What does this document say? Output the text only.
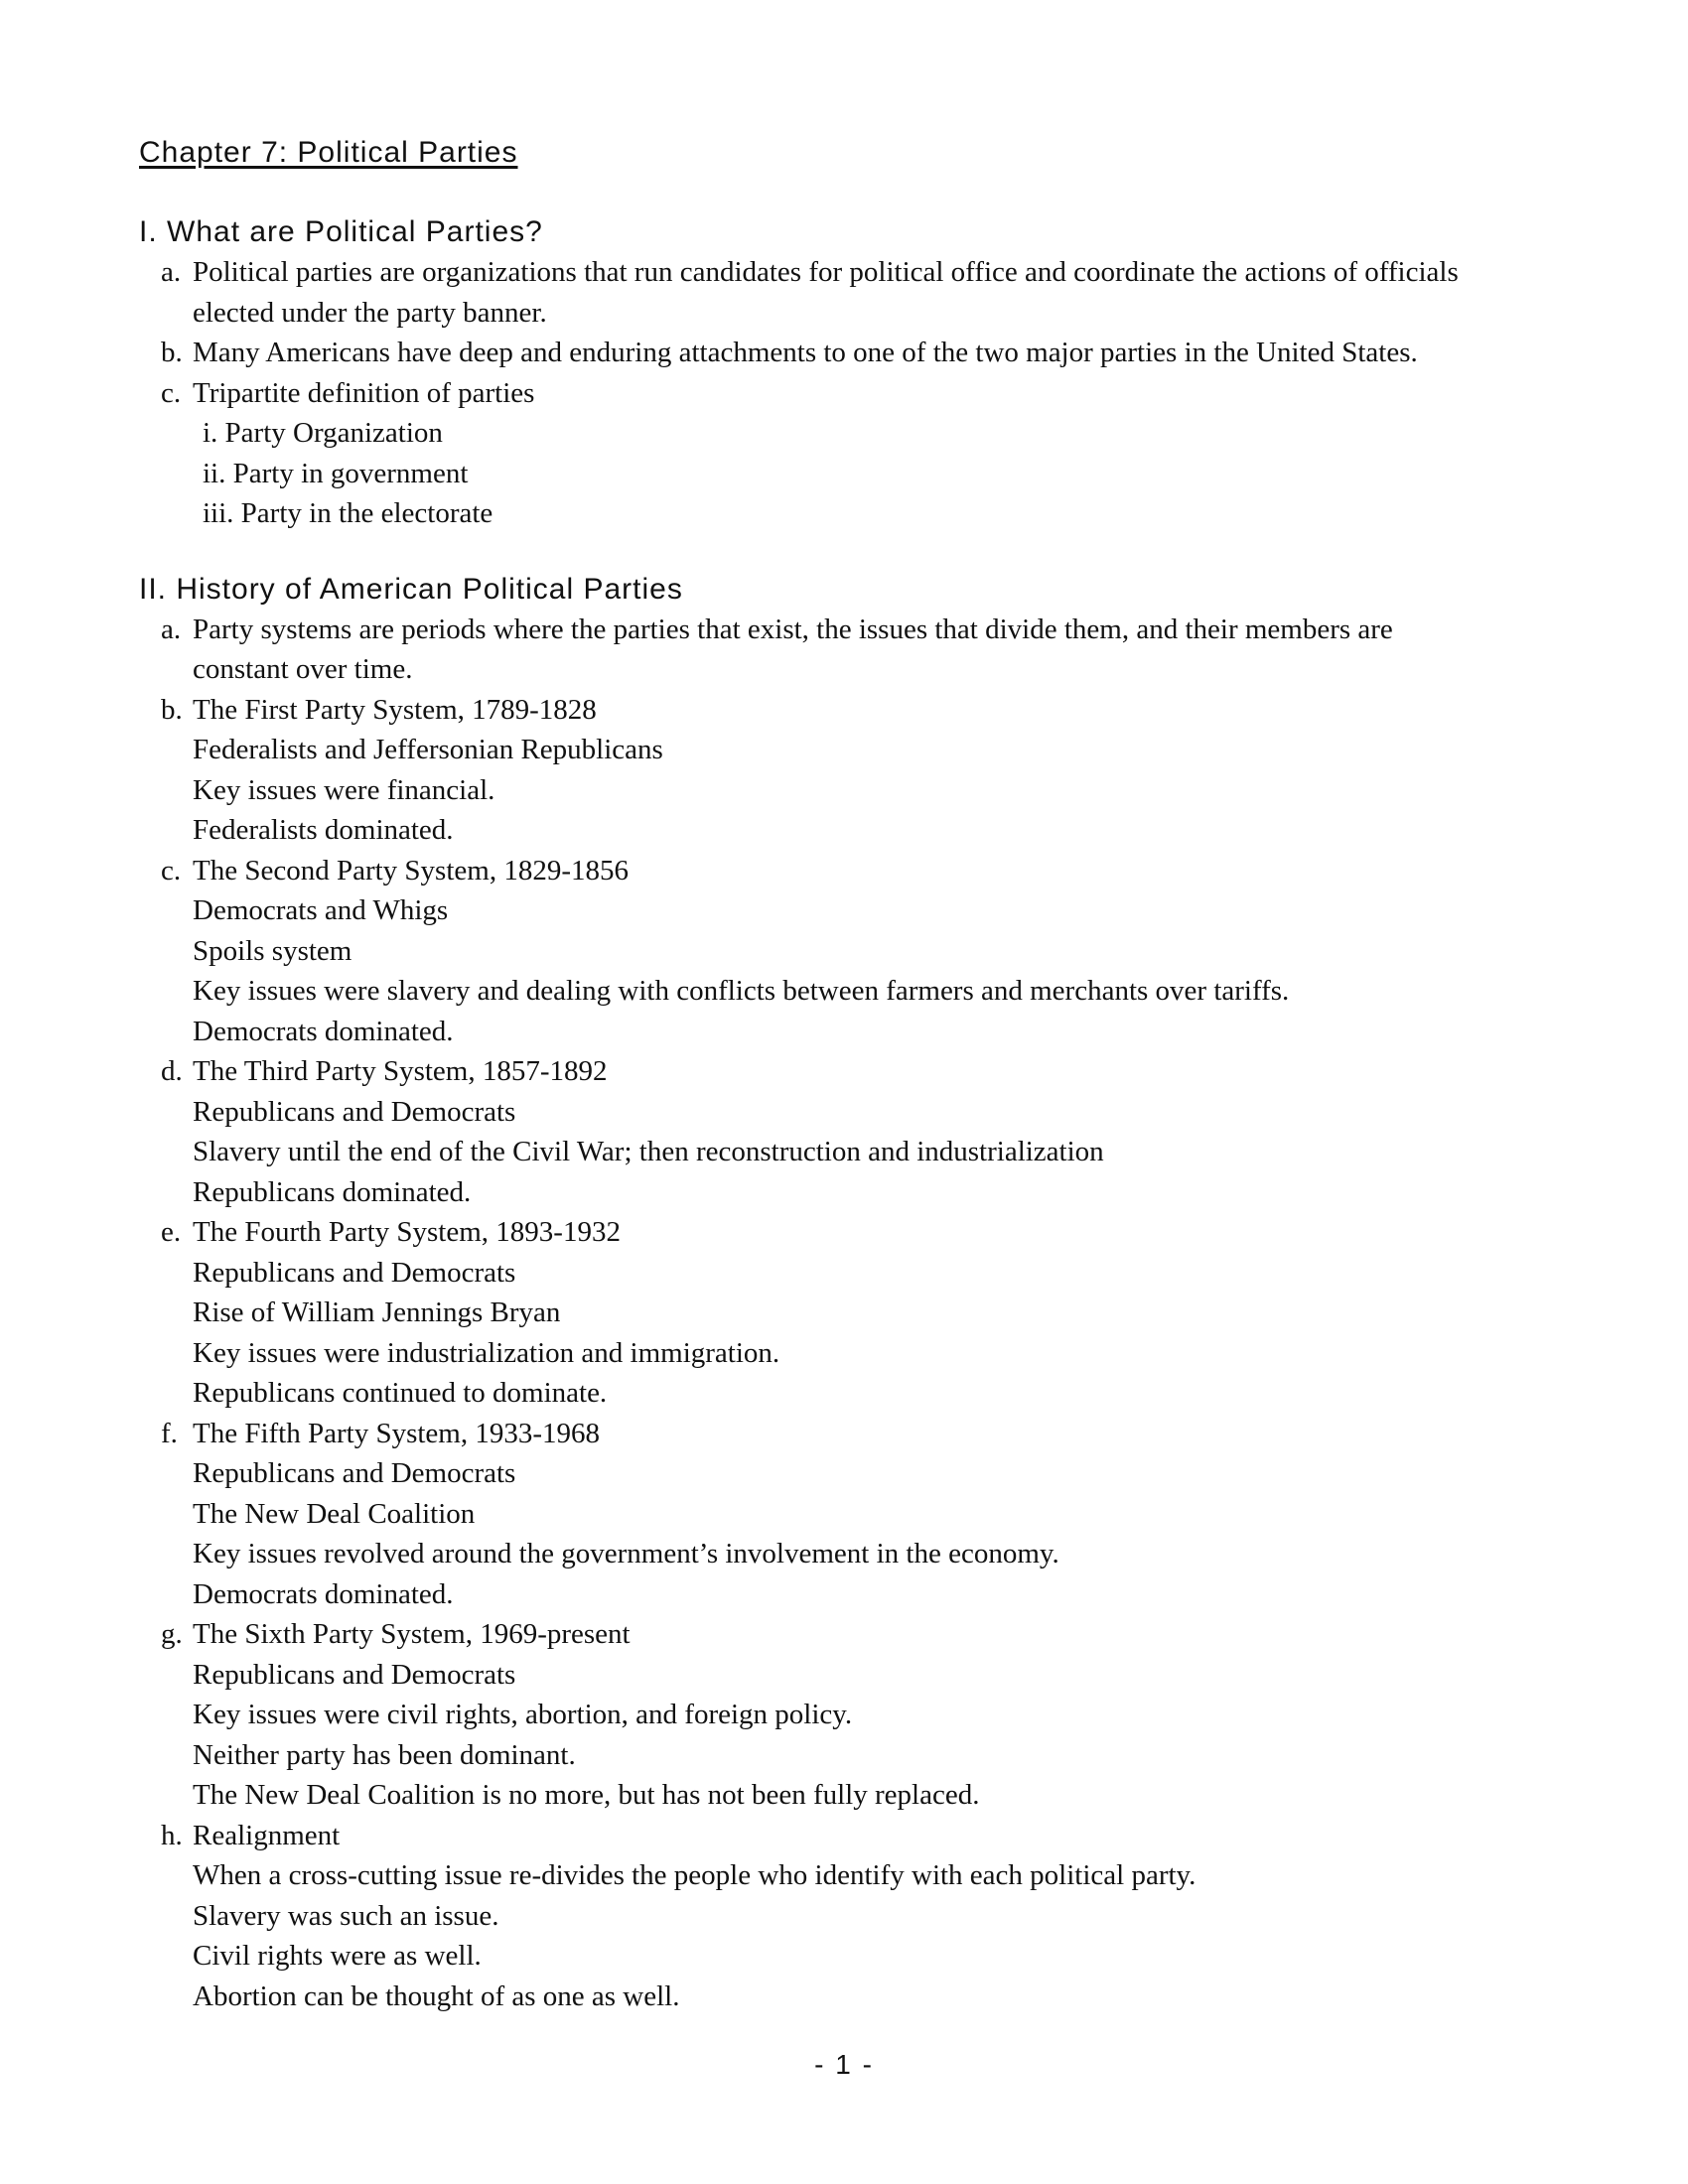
Chapter 7: Political Parties
I. What are Political Parties?
a. Political parties are organizations that run candidates for political office and coordinate the actions of officials
elected under the party banner.
b. Many Americans have deep and enduring attachments to one of the two major parties in the United States.
c. Tripartite definition of parties
i. Party Organization
ii. Party in government
iii. Party in the electorate
II. History of American Political Parties
a. Party systems are periods where the parties that exist, the issues that divide them, and their members are
constant over time.
b. The First Party System, 1789-1828
Federalists and Jeffersonian Republicans
Key issues were financial.
Federalists dominated.
c. The Second Party System, 1829-1856
Democrats and Whigs
Spoils system
Key issues were slavery and dealing with conflicts between farmers and merchants over tariffs.
Democrats dominated.
d. The Third Party System, 1857-1892
Republicans and Democrats
Slavery until the end of the Civil War; then reconstruction and industrialization
Republicans dominated.
e. The Fourth Party System, 1893-1932
Republicans and Democrats
Rise of William Jennings Bryan
Key issues were industrialization and immigration.
Republicans continued to dominate.
f. The Fifth Party System, 1933-1968
Republicans and Democrats
The New Deal Coalition
Key issues revolved around the government’s involvement in the economy.
Democrats dominated.
g. The Sixth Party System, 1969-present
Republicans and Democrats
Key issues were civil rights, abortion, and foreign policy.
Neither party has been dominant.
The New Deal Coalition is no more, but has not been fully replaced.
h. Realignment
When a cross-cutting issue re-divides the people who identify with each political party.
Slavery was such an issue.
Civil rights were as well.
Abortion can be thought of as one as well.
- 1 -
